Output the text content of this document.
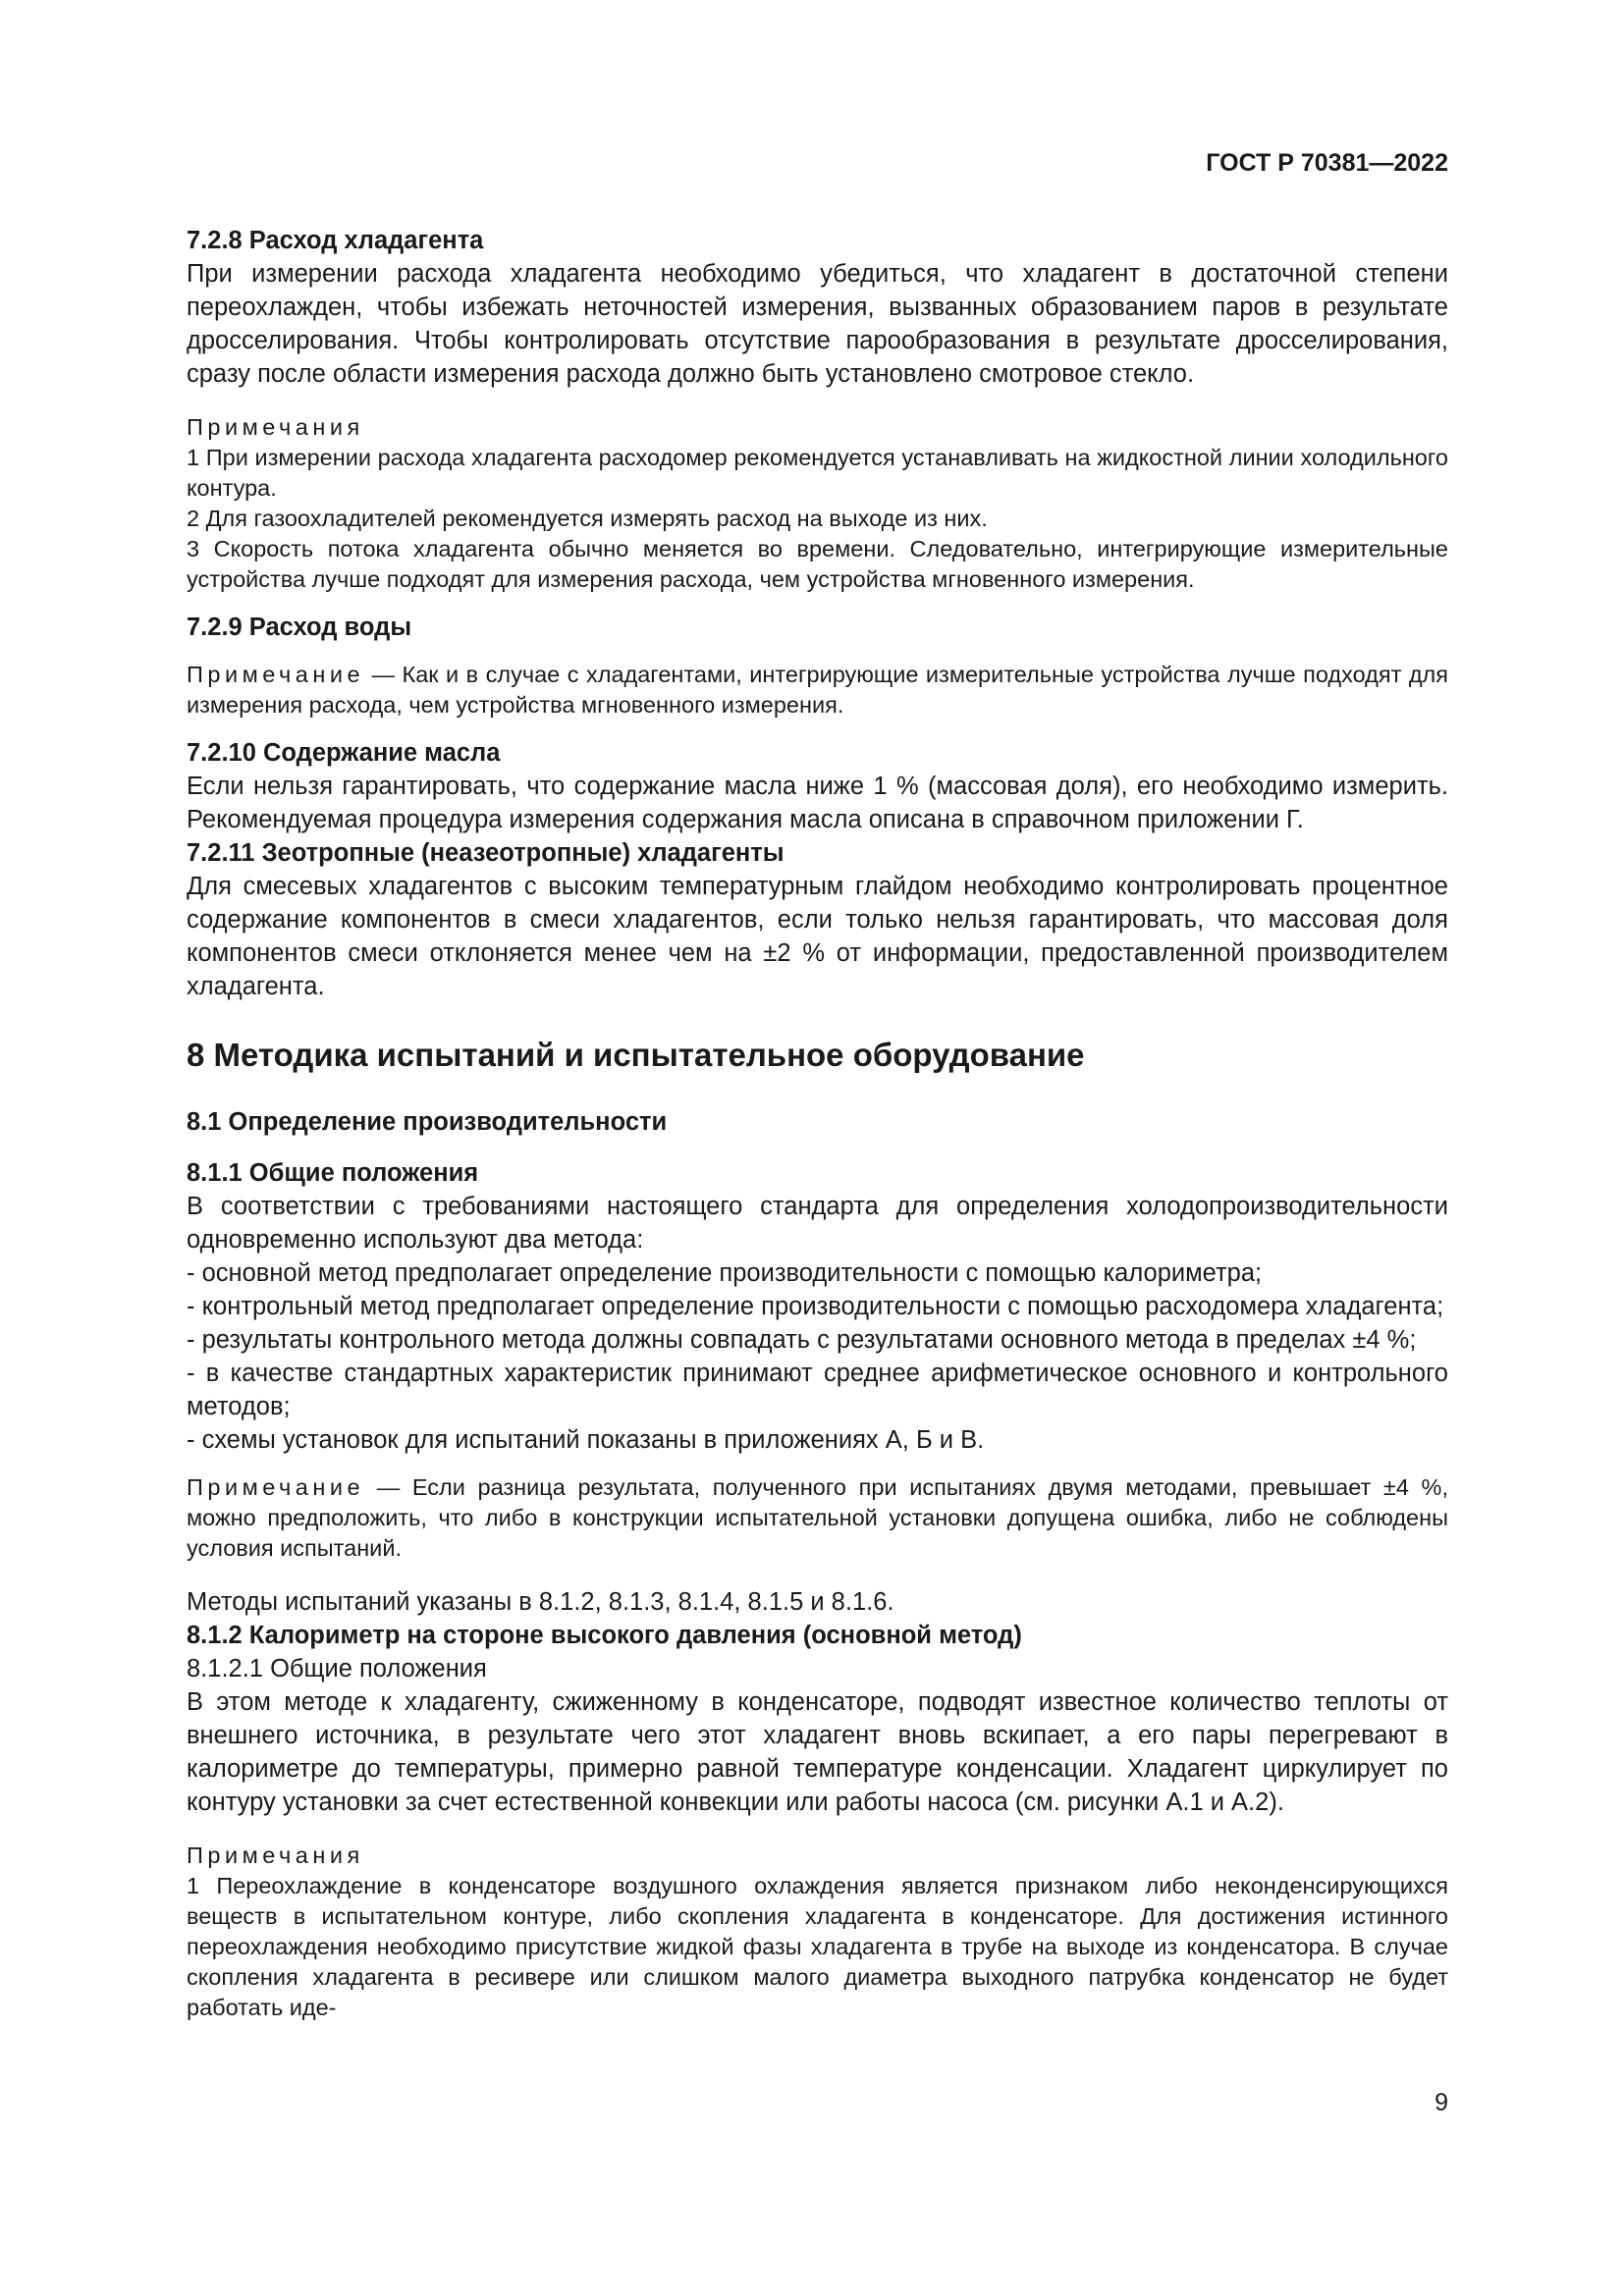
ГОСТ Р 70381—2022

7.2.8 Расход хладагента

При измерении расхода хладагента необходимо убедиться, что хладагент в достаточной степени переохлажден, чтобы избежать неточностей измерения, вызванных образованием паров в результате дросселирования. Чтобы контролировать отсутствие парообразования в результате дросселирования, сразу после области измерения расхода должно быть установлено смотровое стекло.

Примечания

1 При измерении расхода хладагента расходомер рекомендуется устанавливать на жидкостной линии холодильного контура.

2 Для газоохладителей рекомендуется измерять расход на выходе из них.

3 Скорость потока хладагента обычно меняется во времени. Следовательно, интегрирующие измерительные устройства лучше подходят для измерения расхода, чем устройства мгновенного измерения.

7.2.9 Расход воды

Примечание — Как и в случае с хладагентами, интегрирующие измерительные устройства лучше подходят для измерения расхода, чем устройства мгновенного измерения.

7.2.10 Содержание масла

Если нельзя гарантировать, что содержание масла ниже 1 % (массовая доля), его необходимо измерить. Рекомендуемая процедура измерения содержания масла описана в справочном приложении Г.

7.2.11 Зеотропные (неазеотропные) хладагенты

Для смесевых хладагентов с высоким температурным глайдом необходимо контролировать процентное содержание компонентов в смеси хладагентов, если только нельзя гарантировать, что массовая доля компонентов смеси отклоняется менее чем на ±2 % от информации, предоставленной производителем хладагента.

8 Методика испытаний и испытательное оборудование

8.1 Определение производительности

8.1.1 Общие положения

В соответствии с требованиями настоящего стандарта для определения холодопроизводительности одновременно используют два метода:

- основной метод предполагает определение производительности с помощью калориметра;

- контрольный метод предполагает определение производительности с помощью расходомера хладагента;

- результаты контрольного метода должны совпадать с результатами основного метода в пределах ±4 %;

- в качестве стандартных характеристик принимают среднее арифметическое основного и контрольного методов;

- схемы установок для испытаний показаны в приложениях А, Б и В.

Примечание — Если разница результата, полученного при испытаниях двумя методами, превышает ±4 %, можно предположить, что либо в конструкции испытательной установки допущена ошибка, либо не соблюдены условия испытаний.

Методы испытаний указаны в 8.1.2, 8.1.3, 8.1.4, 8.1.5 и 8.1.6.

8.1.2 Калориметр на стороне высокого давления (основной метод)

8.1.2.1 Общие положения

В этом методе к хладагенту, сжиженному в конденсаторе, подводят известное количество теплоты от внешнего источника, в результате чего этот хладагент вновь вскипает, а его пары перегревают в калориметре до температуры, примерно равной температуре конденсации. Хладагент циркулирует по контуру установки за счет естественной конвекции или работы насоса (см. рисунки А.1 и А.2).

Примечания

1 Переохлаждение в конденсаторе воздушного охлаждения является признаком либо неконденсирующихся веществ в испытательном контуре, либо скопления хладагента в конденсаторе. Для достижения истинного переохлаждения необходимо присутствие жидкой фазы хладагента в трубе на выходе из конденсатора. В случае скопления хладагента в ресивере или слишком малого диаметра выходного патрубка конденсатор не будет работать иде-

9
